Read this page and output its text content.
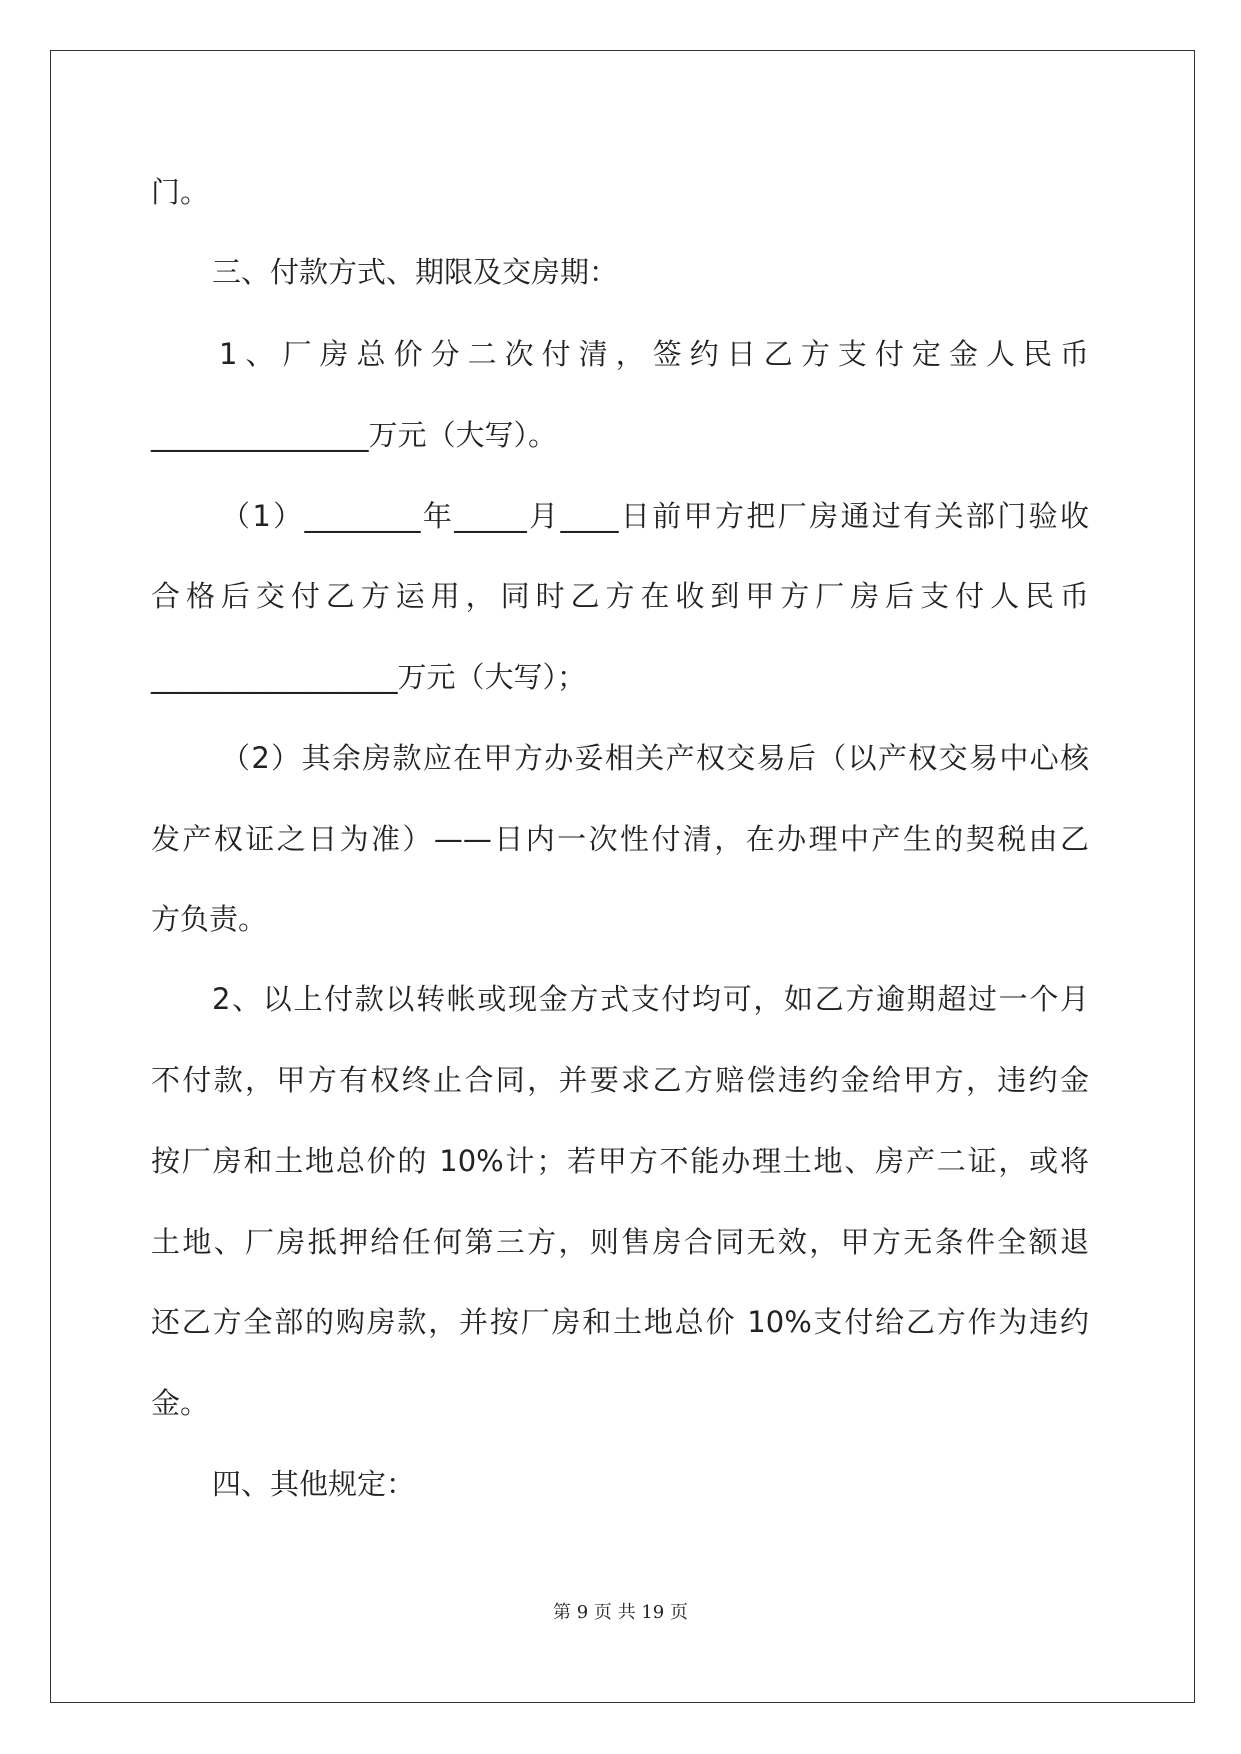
门。
三、付款方式、期限及交房期：
1、厂房总价分二次付清，签约日乙方支付定金人民币
_______________万元（大写）。
（1）________年_____月____日前甲方把厂房通过有关部门验收
合格后交付乙方运用，同时乙方在收到甲方厂房后支付人民币
_________________万元（大写）；
（2）其余房款应在甲方办妥相关产权交易后（以产权交易中心核
发产权证之日为准）——日内一次性付清，在办理中产生的契税由乙
方负责。
2、以上付款以转帐或现金方式支付均可，如乙方逾期超过一个月
不付款，甲方有权终止合同，并要求乙方赔偿违约金给甲方，违约金
按厂房和土地总价的 10%计；若甲方不能办理土地、房产二证，或将
土地、厂房抵押给任何第三方，则售房合同无效，甲方无条件全额退
还乙方全部的购房款，并按厂房和土地总价 10%支付给乙方作为违约
金。
四、其他规定：
第 9 页 共 19 页
